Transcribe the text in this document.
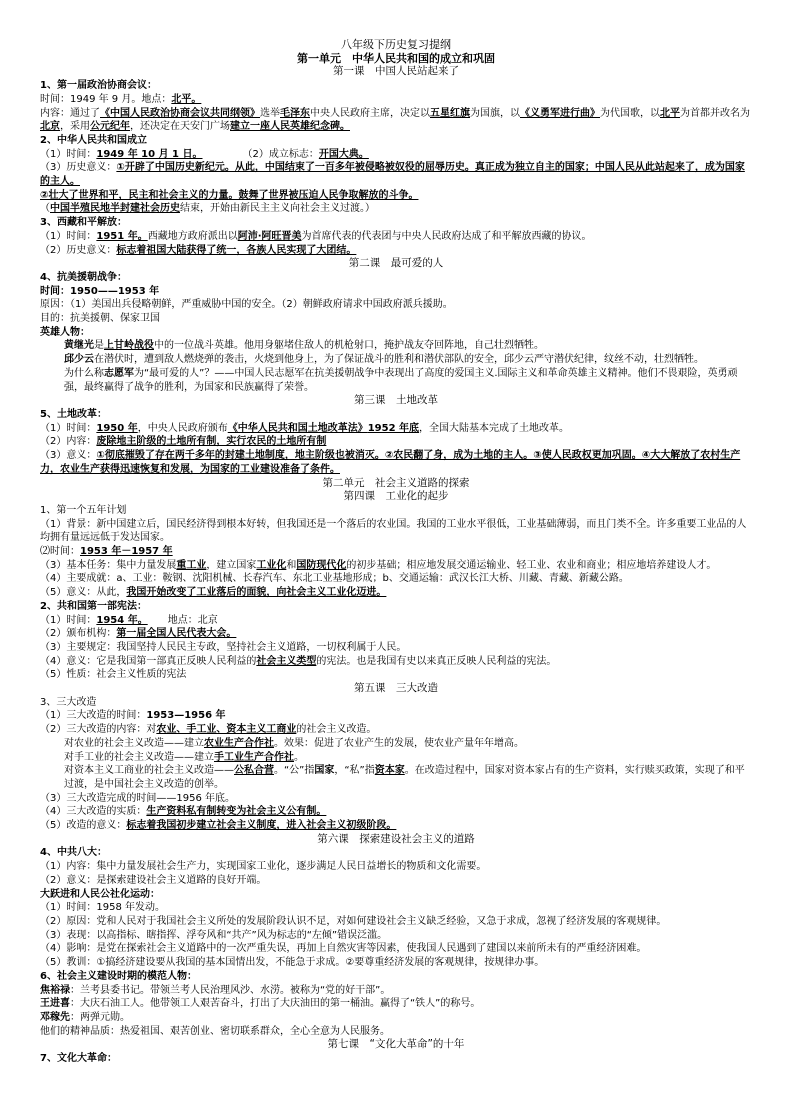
八年级下历史复习提纲
第一单元　中华人民共和国的成立和巩固
第一课　中国人民站起来了
1、第一届政治协商会议：
时间：1949 年 9 月。地点：北平。
内容：通过了《中国人民政治协商会议共同纲领》选举毛泽东中央人民政府主席，决定以五星红旗为国旗，以《义勇军进行曲》为代国歌，以北平为首都并改名为北京，采用公元纪年，还决定在天安门广场建立一座人民英雄纪念碑。
2、中华人民共和国成立
（1）时间：1949 年 10 月 1 日。	（2）成立标志：开国大典。
（3）历史意义：①开辟了中国历史新纪元。从此，中国结束了一百多年被侵略被奴役的屈辱历史。真正成为独立自主的国家；中国人民从此站起来了，成为国家的主人。
②壮大了世界和平，民主和社会主义的力量。鼓舞了世界被压迫人民争取解放的斗争。
（中国半殖民地半封建社会历史结束，开始由新民主主义向社会主义过渡。）
3、西藏和平解放：
（1）时间：1951 年。西藏地方政府派出以阿沛·阿旺晋美为首席代表的代表团与中央人民政府达成了和平解放西藏的协议。
（2）历史意义：标志着祖国大陆获得了统一，各族人民实现了大团结。
第二课　最可爱的人
4、抗美援朝战争：
时间：1950——1953 年
原因：（1）美国出兵侵略朝鲜，严重威胁中国的安全。（2）朝鲜政府请求中国政府派兵援助。
目的：抗美援朝、保家卫国
英雄人物：
黄继光是上甘岭战役中的一位战斗英雄。他用身躯堵住敌人的机枪射口，掩护战友夺回阵地，自己壮烈牺牲。
邱少云在潜伏时，遭到敌人燃烧弹的袭击，火烧到他身上，为了保证战斗的胜利和潜伏部队的安全，邱少云严守潜伏纪律，纹丝不动，壮烈牺牲。
为什么称志愿军为“最可爱的人”？——中国人民志愿军在抗美援朝战争中表现出了高度的爱国主义.国际主义和革命英雄主义精神。他们不畏艰险，英勇顽强，最终赢得了战争的胜利，为国家和民族赢得了荣誉。
第三课　土地改革
5、土地改革：
（1）时间：1950 年，中央人民政府颁布《中华人民共和国土地改革法》1952 年底，全国大陆基本完成了土地改革。
（2）内容：废除地主阶级的土地所有制，实行农民的土地所有制
（3）意义：①彻底摧毁了存在两千多年的封建土地制度，地主阶级也被消灭。②农民翻了身，成为土地的主人。③使人民政权更加巩固。④大大解放了农村生产力，农业生产获得迅速恢复和发展，为国家的工业建设准备了条件。
第二单元　社会主义道路的探索
第四课　工业化的起步
1、第一个五年计划
（1）背景：新中国建立后，国民经济得到根本好转，但我国还是一个落后的农业国。我国的工业水平很低，工业基础薄弱，而且门类不全。许多重要工业品的人均拥有量远远低于发达国家。
⑵时间：1953 年－1957 年
（3）基本任务：集中力量发展重工业，建立国家工业化和国防现代化的初步基础；相应地发展交通运输业、轻工业、农业和商业；相应地培养建设人才。
（4）主要成就：a、工业：鞍钢、沈阳机械、长春汽车、东北工业基地形成；b、交通运输：武汉长江大桥、川藏、青藏、新藏公路。
（5）意义：从此，我国开始改变了工业落后的面貌，向社会主义工业化迈进。
2、共和国第一部宪法：
（1）时间：1954 年。 地点：北京
（2）颁布机构：第一届全国人民代表大会。
（3）主要规定：我国坚持人民民主专政，坚持社会主义道路，一切权利属于人民。
（4）意义：它是我国第一部真正反映人民利益的社会主义类型的宪法。也是我国有史以来真正反映人民利益的宪法。
（5）性质：社会主义性质的宪法
第五课　三大改造
3、三大改造
（1）三大改造的时间：1953—1956 年
（2）三大改造的内容：对农业、手工业、资本主义工商业的社会主义改造。
对农业的社会主义改造——建立农业生产合作社。效果：促进了农业产生的发展，使农业产量年年增高。
对手工业的社会主义改造——建立手工业生产合作社。
对资本主义工商业的社会主义改造——公私合营。“公”指国家，“私”指资本家。在改造过程中，国家对资本家占有的生产资料，实行赎买政策，实现了和平过渡，是中国社会主义改造的创举。
（3）三大改造完成的时间——1956 年底。
（4）三大改造的实质：生产资料私有制转变为社会主义公有制。
（5）改造的意义：标志着我国初步建立社会主义制度，进入社会主义初级阶段。
第六课　探索建设社会主义的道路
4、中共八大：
（1）内容：集中力量发展社会生产力，实现国家工业化，逐步满足人民日益增长的物质和文化需要。
（2）意义：是探索建设社会主义道路的良好开端。
大跃进和人民公社化运动：
（1）时间：1958 年发动。
（2）原因：党和人民对于我国社会主义所处的发展阶段认识不足，对如何建设社会主义缺乏经验，又急于求成，忽视了经济发展的客观规律。
（3）表现：以高指标、瞎指挥、浮夸风和“共产”风为标志的“左倾”错误泛滥。
（4）影响：是党在探索社会主义道路中的一次严重失误，再加上自然灾害等因素，使我国人民遇到了建国以来前所未有的严重经济困难。
（5）教训：①搞经济建设要从我国的基本国情出发，不能急于求成。②要尊重经济发展的客观规律，按规律办事。
6、社会主义建设时期的模范人物：
焦裕禄：兰考县委书记。带领兰考人民治理风沙、水涝。被称为“党的好干部”。
王进喜：大庆石油工人。他带领工人艰苦奋斗，打出了大庆油田的第一桶油。赢得了“铁人”的称号。
邓稼先：两弹元勋。
他们的精神品质：热爱祖国、艰苦创业、密切联系群众，全心全意为人民服务。
第七课　“文化大革命”的十年
7、文化大革命：
